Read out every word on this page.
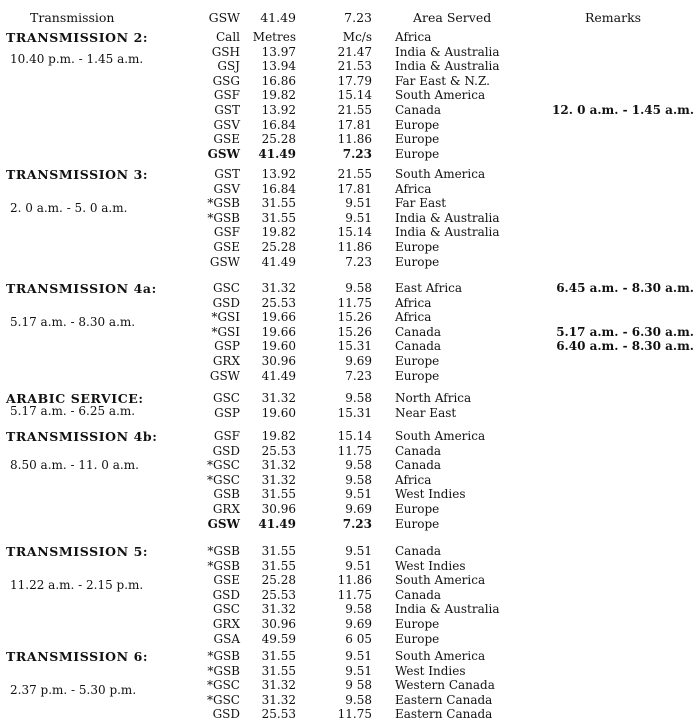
Transmission	GSW	41.49	7.23	Area Served	Remarks
TRANSMISSION 2:
10.40 p.m. - 1.45 a.m.
Call	Metres	Mc/s Africa
GSH	13.97	21.47 India & Australia
GSJ	13.94	21.53 India & Australia
GSG	16.86	17.79 Far East & N.Z.
GSF	19.82	15.14 South America
GST	13.92	21.55 Canada	12. 0 a.m. - 1.45 a.m.
GSV	16.84	17.81 Europe
GSE	25.28	11.86 Europe
GSW	41.49	7.23 Europe
TRANSMISSION 3:
2. 0 a.m. - 5. 0 a.m.
GST	13.92	21.55 South America
GSV	16.84	17.81 Africa
*GSB	31.55	9.51 Far East
*GSB	31.55	9.51 India & Australia
GSF	19.82	15.14 India & Australia
GSE	25.28	11.86 Europe
GSW	41.49	7.23 Europe
TRANSMISSION 4a:
5.17 a.m. - 8.30 a.m.
GSC	31.32	9.58 East Africa	6.45 a.m. - 8.30 a.m.
GSD	25.53	11.75 Africa
*GSI	19.66	15.26 Africa
*GSI	19.66	15.26 Canada	5.17 a.m. - 6.30 a.m.
GSP	19.60	15.31 Canada	6.40 a.m. - 8.30 a.m.
GRX	30.96	9.69 Europe
GSW	41.49	7.23 Europe
ARABIC SERVICE:
5.17 a.m. - 6.25 a.m.
GSC	31.32	9.58 North Africa
GSP	19.60	15.31 Near East
TRANSMISSION 4b:
8.50 a.m. - 11. 0 a.m.
GSF	19.82	15.14 South America
GSD	25.53	11.75 Canada
*GSC	31.32	9.58 Canada
*GSC	31.32	9.58 Africa
GSB	31.55	9.51 West Indies
GRX	30.96	9.69 Europe
GSW	41.49	7.23 Europe
TRANSMISSION 5:
11.22 a.m. - 2.15 p.m.
*GSB	31.55	9.51 Canada
*GSB	31.55	9.51 West Indies
GSE	25.28	11.86 South America
GSD	25.53	11.75 Canada
GSC	31.32	9.58 India & Australia
GRX	30.96	9.69 Europe
GSA	49.59	6 05 Europe
TRANSMISSION 6:
2.37 p.m. - 5.30 p.m.
*GSB	31.55	9.51 South America
*GSB	31.55	9.51 West Indies
*GSC	31.32	9 58 Western Canada
*GSC	31.32	9.58 Eastern Canada
GSD	25.53	11.75 Eastern Canada
